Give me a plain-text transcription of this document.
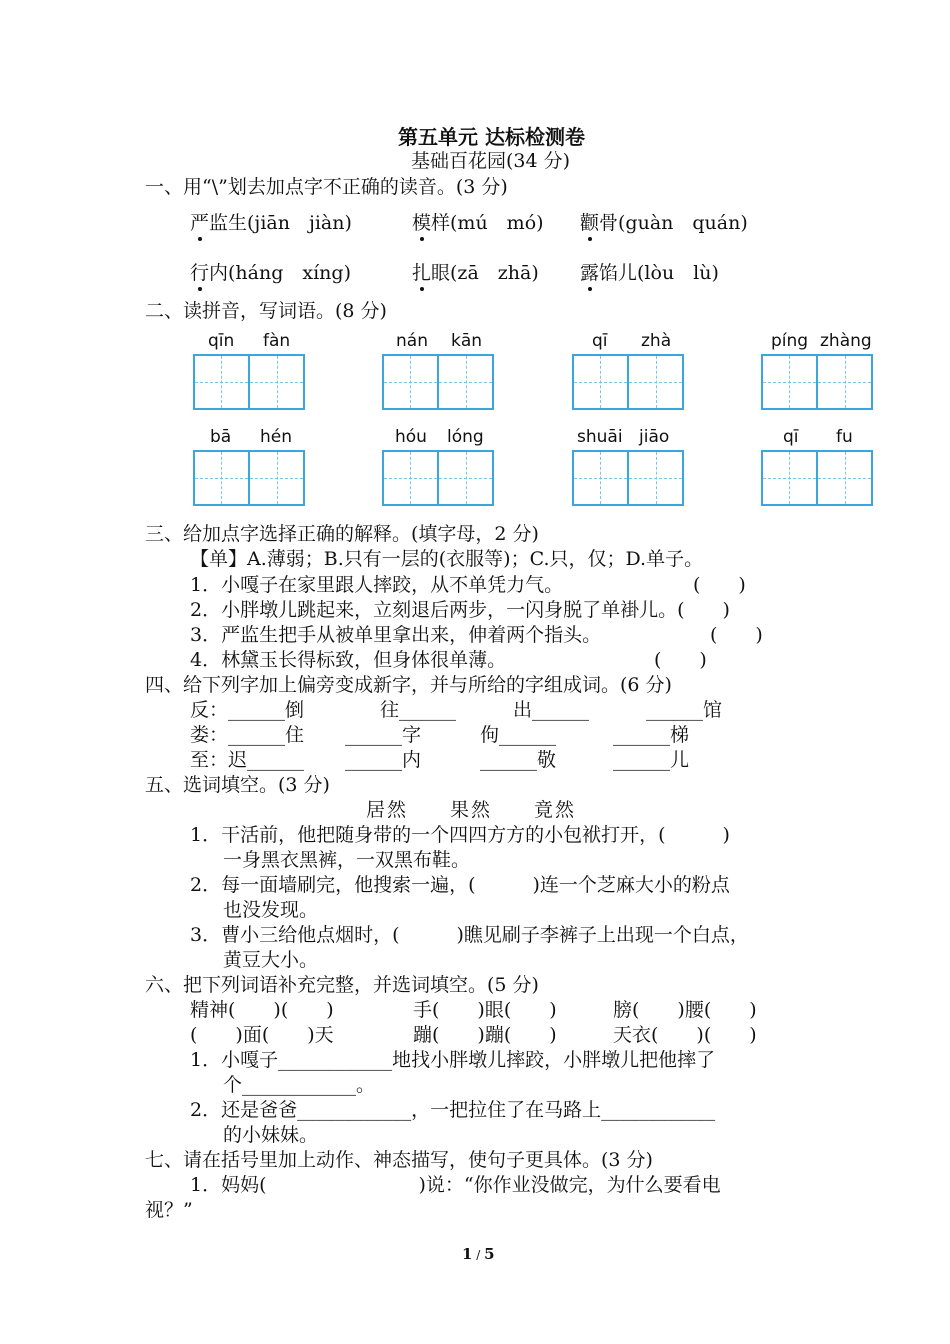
第五单元 达标检测卷
基础百花园(34 分)
一、用“\”划去加点字不正确的读音。(3 分)
严监生(jiān　jiàn)	模样(mú　mó) 颧骨(guàn　quán)
行内(háng　xíng)	扎眼(zā　zhā) 露馅儿(lòu　lù)
二、读拼音，写词语。(8 分)
qīn fàn	nán kān	qī zhà	píng zhàng
bā hén	hóu lóng	shuāi jiāo	qī fu
三、给加点字选择正确的解释。(填字母，2 分)
【单】A.薄弱；B.只有一层的(衣服等)；C.只，仅；D.单子。
1．小嘎子在家里跟人摔跤，从不单凭力气。	(　　)
2．小胖墩儿跳起来，立刻退后两步，一闪身脱了单褂儿。(　　)
3．严监生把手从被单里拿出来，伸着两个指头。	(　　)
4．林黛玉长得标致，但身体很单薄。	(　　)
四、给下列字加上偏旁变成新字，并与所给的字组成词。(6 分)
反：______倒	往______	出______	______馆
娄：______住 ______字	佝______	______梯
至：迟______ ______内	______敬	______儿
五、选词填空。(3 分)
居然　　果然　　竟然
1．干活前，他把随身带的一个四四方方的小包袱打开，(　　　)
一身黑衣黑裤，一双黑布鞋。
2．每一面墙刷完，他搜索一遍，(　　　)连一个芝麻大小的粉点
也没发现。
3．曹小三给他点烟时，(　　　)瞧见刷子李裤子上出现一个白点，
黄豆大小。
六、把下列词语补充完整，并选词填空。(5 分)
精神(　　)(　　)	手(　　)眼(　　)	膀(　　)腰(　　)
(　　)面(　　)天	蹦(　　)蹦(　　)	天衣(　　)(　　)
1．小嘎子____________地找小胖墩儿摔跤，小胖墩儿把他摔了
个____________。
2．还是爸爸____________，一把拉住了在马路上____________
的小妹妹。
七、请在括号里加上动作、神态描写，使句子更具体。(3 分)
1．妈妈(　　　　　　　　)说：“你作业没做完，为什么要看电
视？”
1 / 5
